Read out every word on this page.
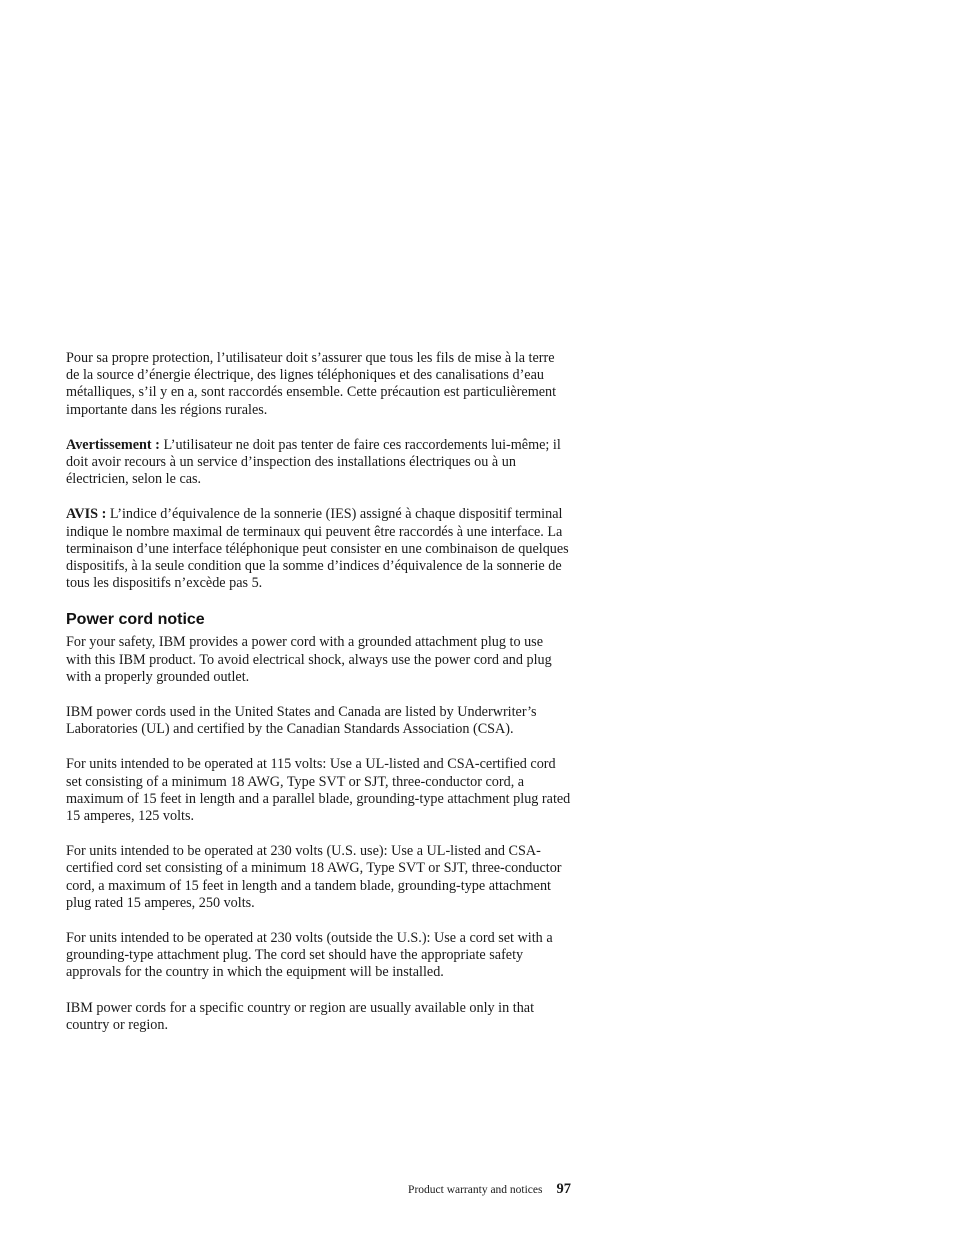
Pour sa propre protection, l’utilisateur doit s’assurer que tous les fils de mise à la terre de la source d’énergie électrique, des lignes téléphoniques et des canalisations d’eau métalliques, s’il y en a, sont raccordés ensemble. Cette précaution est particulièrement importante dans les régions rurales.

Avertissement : L’utilisateur ne doit pas tenter de faire ces raccordements lui-même; il doit avoir recours à un service d’inspection des installations électriques ou à un électricien, selon le cas.

AVIS : L’indice d’équivalence de la sonnerie (IES) assigné à chaque dispositif terminal indique le nombre maximal de terminaux qui peuvent être raccordés à une interface. La terminaison d’une interface téléphonique peut consister en une combinaison de quelques dispositifs, à la seule condition que la somme d’indices d’équivalence de la sonnerie de tous les dispositifs n’excède pas 5.

Power cord notice

For your safety, IBM provides a power cord with a grounded attachment plug to use with this IBM product. To avoid electrical shock, always use the power cord and plug with a properly grounded outlet.

IBM power cords used in the United States and Canada are listed by Underwriter’s Laboratories (UL) and certified by the Canadian Standards Association (CSA).

For units intended to be operated at 115 volts: Use a UL-listed and CSA-certified cord set consisting of a minimum 18 AWG, Type SVT or SJT, three-conductor cord, a maximum of 15 feet in length and a parallel blade, grounding-type attachment plug rated 15 amperes, 125 volts.

For units intended to be operated at 230 volts (U.S. use): Use a UL-listed and CSA-certified cord set consisting of a minimum 18 AWG, Type SVT or SJT, three-conductor cord, a maximum of 15 feet in length and a tandem blade, grounding-type attachment plug rated 15 amperes, 250 volts.

For units intended to be operated at 230 volts (outside the U.S.): Use a cord set with a grounding-type attachment plug. The cord set should have the appropriate safety approvals for the country in which the equipment will be installed.

IBM power cords for a specific country or region are usually available only in that country or region.

Product warranty and notices 97
